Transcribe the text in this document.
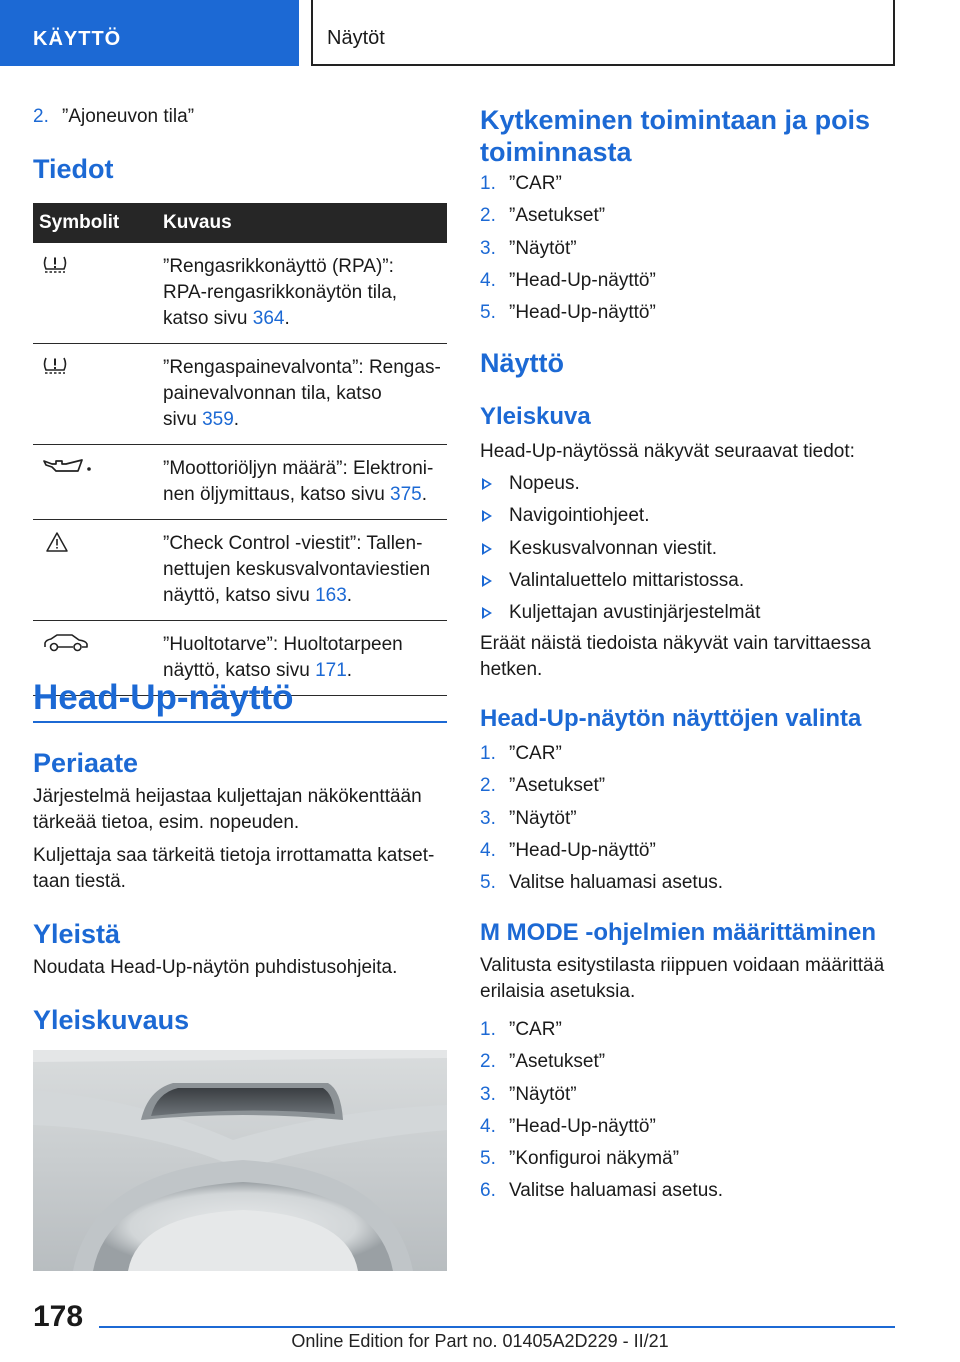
KÄYTTÖ	Näytöt
2. ”Ajoneuvon tila”
Tiedot
Symbolit	Kuvaus

”Rengasrikkonäyttö (RPA)”:
RPA-rengasrikkonäytön tila,
katso sivu 364.

”Rengaspainevalvonta”: Rengas-
painevalvonnan tila, katso
sivu 359.

”Moottoriöljyn määrä”: Elektroni-
nen öljymittaus, katso sivu 375.

”Check Control -viestit”: Tallen-
nettujen keskusvalvontaviestien
näyttö, katso sivu 163.

”Huoltotarve”: Huoltotarpeen
näyttö, katso sivu 171.
Head-Up-näyttö
Periaate
Järjestelmä heijastaa kuljettajan näkökenttään
tärkeää tietoa, esim. nopeuden.
Kuljettaja saa tärkeitä tietoja irrottamatta katset-
taan tiestä.
Yleistä
Noudata Head-Up-näytön puhdistusohjeita.
Yleiskuvaus
Kytkeminen toimintaan ja pois
toiminnasta
1. ”CAR”
2. ”Asetukset”
3. ”Näytöt”
4. ”Head-Up-näyttö”
5. ”Head-Up-näyttö”
Näyttö
Yleiskuva
Head-Up-näytössä näkyvät seuraavat tiedot:
Nopeus.
Navigointiohjeet.
Keskusvalvonnan viestit.
Valintaluettelo mittaristossa.
Kuljettajan avustinjärjestelmät
Eräät näistä tiedoista näkyvät vain tarvittaessa
hetken.
Head-Up-näytön näyttöjen valinta
1. ”CAR”
2. ”Asetukset”
3. ”Näytöt”
4. ”Head-Up-näyttö”
5. Valitse haluamasi asetus.
M MODE -ohjelmien määrittäminen
Valitusta esitystilasta riippuen voidaan määrittää
erilaisia asetuksia.
1. ”CAR”
2. ”Asetukset”
3. ”Näytöt”
4. ”Head-Up-näyttö”
5. ”Konfiguroi näkymä”
6. Valitse haluamasi asetus.
178
Online Edition for Part no. 01405A2D229 - II/21
